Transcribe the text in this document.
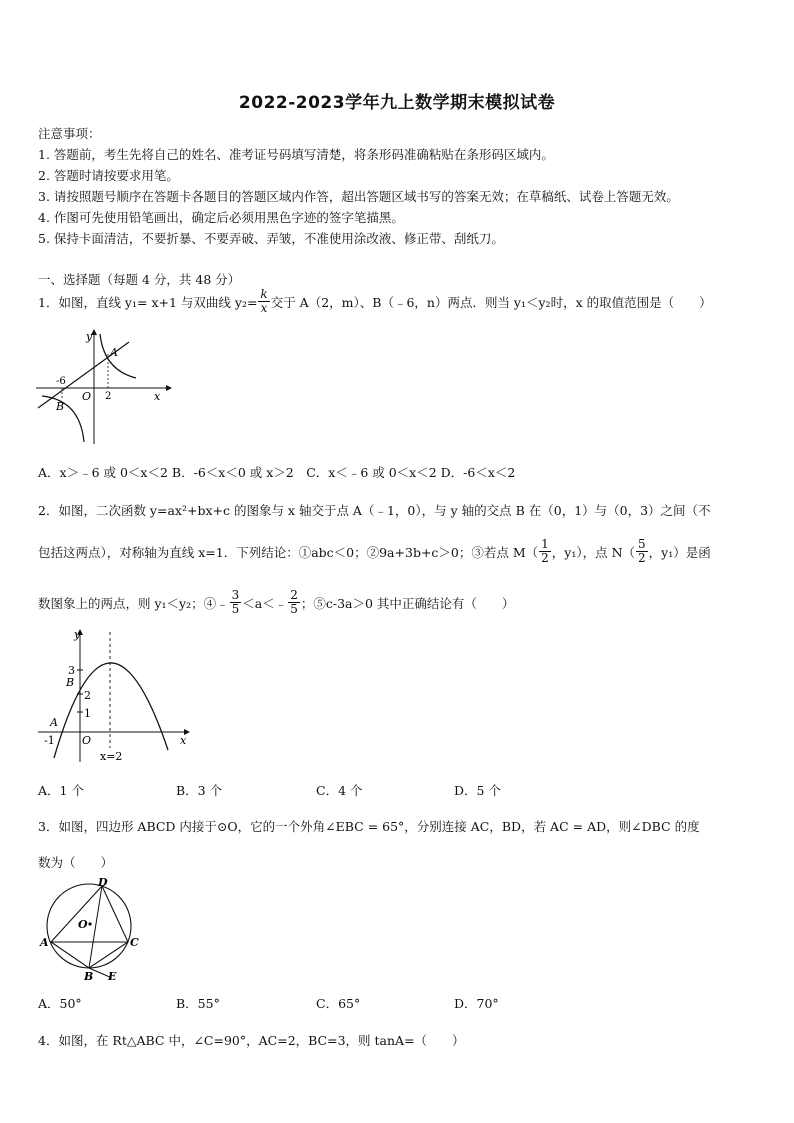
2022-2023学年九上数学期末模拟试卷
注意事项：
1. 答题前，考生先将自己的姓名、准考证号码填写清楚，将条形码准确粘贴在条形码区域内。
2. 答题时请按要求用笔。
3. 请按照题号顺序在答题卡各题目的答题区域内作答，超出答题区域书写的答案无效；在草稿纸、试卷上答题无效。
4. 作图可先使用铅笔画出，确定后必须用黑色字迹的签字笔描黑。
5. 保持卡面清洁，不要折暴、不要弄破、弄皱，不准使用涂改液、修正带、刮纸刀。
一、选择题（每题 4 分，共 48 分）
1．如图，直线 y₁= x+1 与双曲线 $y_2= \frac{k}{x}$ 交于 A（2，m）、B（﹣6，n）两点．则当 y₁＜y₂时，x 的取值范围是（　　）
y
x
O
A
B
-6
2
A．x＞﹣6 或 0＜x＜2 B．-6＜x＜0 或 x＞2　C．x＜﹣6 或 0＜x＜2 D．-6＜x＜2
2．如图，二次函数 y=ax²+bx+c 的图象与 x 轴交于点 A（﹣1，0），与 y 轴的交点 B 在（0，1）与（0，3）之间（不
包括这两点），对称轴为直线 x=1．下列结论：①abc＜0；②9a+3b+c＞0；③若点 $M( \frac{1}{2}$ ，y₁），点 $N( \frac{5}{2}$ ，y₁）是函
数图象上的两点，则 y₁＜y₂；④﹣ $\frac{3}{5}$ ＜a＜﹣ $\frac{2}{5}$ ；⑤c-3a＞0 其中正确结论有（　　）
y
x
O
A
B
3
2
1
-1
x=2
A．1 个	B．3 个	C．4 个	D．5 个
3．如图，四边形 ABCD 内接于⊙O，它的一个外角∠EBC = 65°，分别连接 AC，BD，若 AC = AD，则∠DBC 的度
数为（　　）
D
A	C
B E
O
A．50°	B．55°	C．65°	D．70°
4．如图，在 Rt△ABC 中，∠C=90°，AC=2，BC=3，则 tanA=（　　）
